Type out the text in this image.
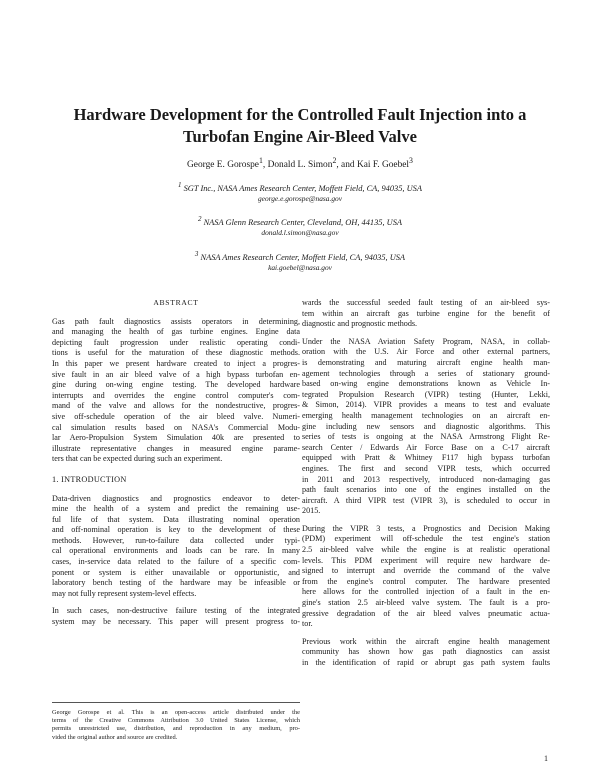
Hardware Development for the Controlled Fault Injection into a
Turbofan Engine Air-Bleed Valve
George E. Gorospe$^1$, Donald L. Simon$^2$, and Kai F. Goebel$^3$
$^1$ SGT Inc., NASA Ames Research Center, Moffett Field, CA, 94035, USA
george.e.gorospe@nasa.gov
$^2$ NASA Glenn Research Center, Cleveland, OH, 44135, USA
donald.l.simon@nasa.gov
$^3$ NASA Ames Research Center, Moffett Field, CA, 94035, USA
kai.goebel@nasa.gov
ABSTRACT

Gas path fault diagnostics assists operators in determining,
and managing the health of gas turbine engines. Engine data
depicting fault progression under realistic operating condi-
tions is useful for the maturation of these diagnostic methods.
In this paper we present hardware created to inject a progres-
sive fault in an air bleed valve of a high bypass turbofan en-
gine during on-wing engine testing. The developed hardware
interrupts and overrides the engine control computer's com-
mand of the valve and allows for the nondestructive, progres-
sive off-schedule operation of the air bleed valve. Numeri-
cal simulation results based on NASA's Commercial Modu-
lar Aero-Propulsion System Simulation 40k are presented to
illustrate representative changes in measured engine parame-
ters that can be expected during such an experiment.

1. INTRODUCTION

Data-driven diagnostics and prognostics endeavor to deter-
mine the health of a system and predict the remaining use-
ful life of that system. Data illustrating nominal operation
and off-nominal operation is key to the development of these
methods. However, run-to-failure data collected under typi-
cal operational environments and loads can be rare. In many
cases, in-service data related to the failure of a specific com-
ponent or system is either unavailable or opportunistic, and
laboratory bench testing of the hardware may be infeasible or
may not fully represent system-level effects.

In such cases, non-destructive failure testing of the integrated
system may be necessary. This paper will present progress to-

wards the successful seeded fault testing of an air-bleed sys-
tem within an aircraft gas turbine engine for the benefit of
diagnostic and prognostic methods.

Under the NASA Aviation Safety Program, NASA, in collab-
oration with the U.S. Air Force and other external partners,
is demonstrating and maturing aircraft engine health man-
agement technologies through a series of stationary ground-
based on-wing engine demonstrations known as Vehicle In-
tegrated Propulsion Research (VIPR) testing (Hunter, Lekki,
& Simon, 2014). VIPR provides a means to test and evaluate
emerging health management technologies on an aircraft en-
gine including new sensors and diagnostic algorithms. This
series of tests is ongoing at the NASA Armstrong Flight Re-
search Center / Edwards Air Force Base on a C-17 aircraft
equipped with Pratt & Whitney F117 high bypass turbofan
engines. The first and second VIPR tests, which occurred
in 2011 and 2013 respectively, introduced non-damaging gas
path fault scenarios into one of the engines installed on the
aircraft. A third VIPR test (VIPR 3), is scheduled to occur in
2015.

During the VIPR 3 tests, a Prognostics and Decision Making
(PDM) experiment will off-schedule the test engine's station
2.5 air-bleed valve while the engine is at realistic operational
levels. This PDM experiment will require new hardware de-
signed to interrupt and override the command of the valve
from the engine's control computer. The hardware presented
here allows for the controlled injection of a fault in the en-
gine's station 2.5 air-bleed valve system. The fault is a pro-
gressive degradation of the air bleed valves pneumatic actua-
tor.

Previous work within the aircraft engine health management
community has shown how gas path diagnostics can assist
in the identification of rapid or abrupt gas path system faults

George Gorospe et al. This is an open-access article distributed under the
terms of the Creative Commons Attribution 3.0 United States License, which
permits unrestricted use, distribution, and reproduction in any medium, pro-
vided the original author and source are credited.
1
